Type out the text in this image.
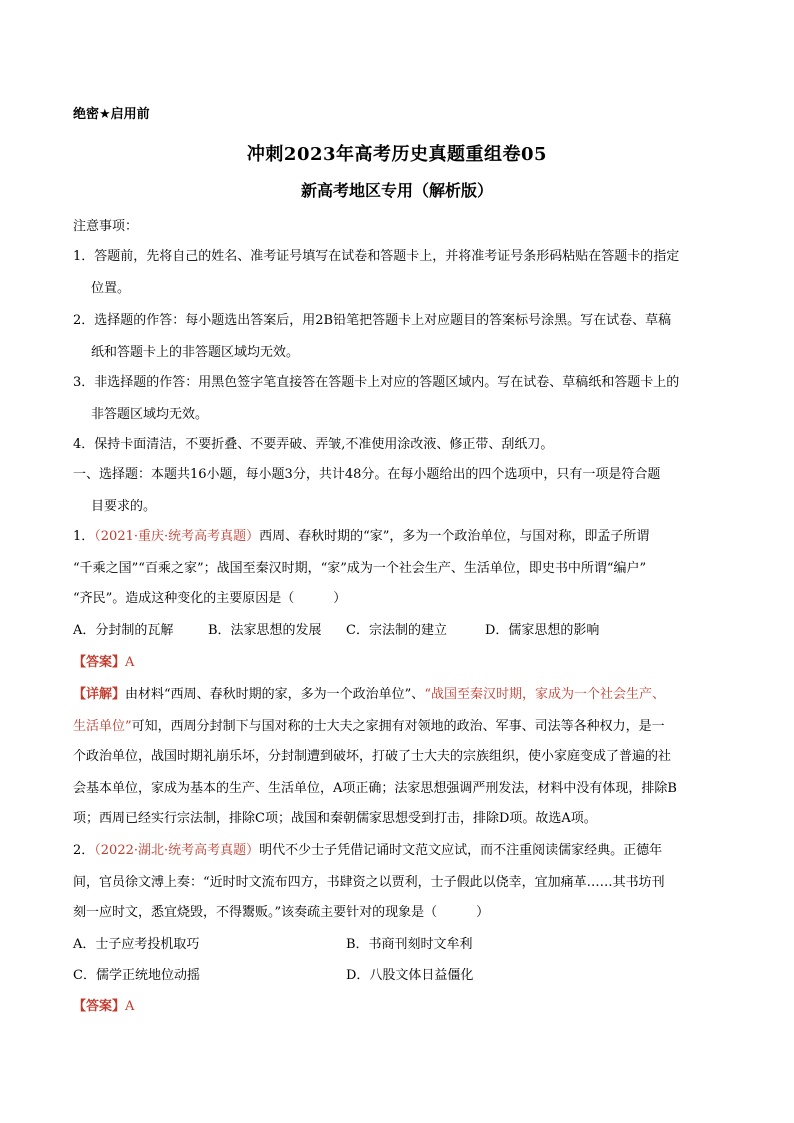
绝密★启用前
冲刺2023年高考历史真题重组卷05
新高考地区专用（解析版）
注意事项：
1．答题前，先将自己的姓名、准考证号填写在试卷和答题卡上，并将准考证号条形码粘贴在答题卡的指定
位置。
2．选择题的作答：每小题选出答案后，用2B铅笔把答题卡上对应题目的答案标号涂黑。写在试卷、草稿
纸和答题卡上的非答题区域均无效。
3．非选择题的作答：用黑色签字笔直接答在答题卡上对应的答题区域内。写在试卷、草稿纸和答题卡上的
非答题区域均无效。
4．保持卡面清洁，不要折叠、不要弄破、弄皱,不准使用涂改液、修正带、刮纸刀。
一、选择题：本题共16小题，每小题3分，共计48分。在每小题给出的四个选项中，只有一项是符合题
目要求的。
1．（2021·重庆·统考高考真题）西周、春秋时期的“家”，多为一个政治单位，与国对称，即孟子所谓
“千乘之国”“百乘之家”；战国至秦汉时期，“家”成为一个社会生产、生活单位，即史书中所谓“编户”
“齐民”。造成这种变化的主要原因是（　　　）
A．分封制的瓦解	B．法家思想的发展 C．宗法制的建立	D．儒家思想的影响
【答案】A
【详解】由材料“西周、春秋时期的家，多为一个政治单位”、“战国至秦汉时期，家成为一个社会生产、
生活单位”可知，西周分封制下与国对称的士大夫之家拥有对领地的政治、军事、司法等各种权力，是一
个政治单位，战国时期礼崩乐坏，分封制遭到破坏，打破了士大夫的宗族组织，使小家庭变成了普遍的社
会基本单位，家成为基本的生产、生活单位，A项正确；法家思想强调严刑发法，材料中没有体现，排除B
项；西周已经实行宗法制，排除C项；战国和秦朝儒家思想受到打击，排除D项。故选A项。
2．（2022·湖北·统考高考真题）明代不少士子凭借记诵时文范文应试，而不注重阅读儒家经典。正德年
间，官员徐文溥上奏：“近时时文流布四方，书肆资之以贾利，士子假此以侥幸，宜加痛革……其书坊刊
刻一应时文，悉宜烧毁，不得鬻贩。”该奏疏主要针对的现象是（　　　）
A．士子应考投机取巧	B．书商刊刻时文牟利
C．儒学正统地位动摇	D．八股文体日益僵化
【答案】A
